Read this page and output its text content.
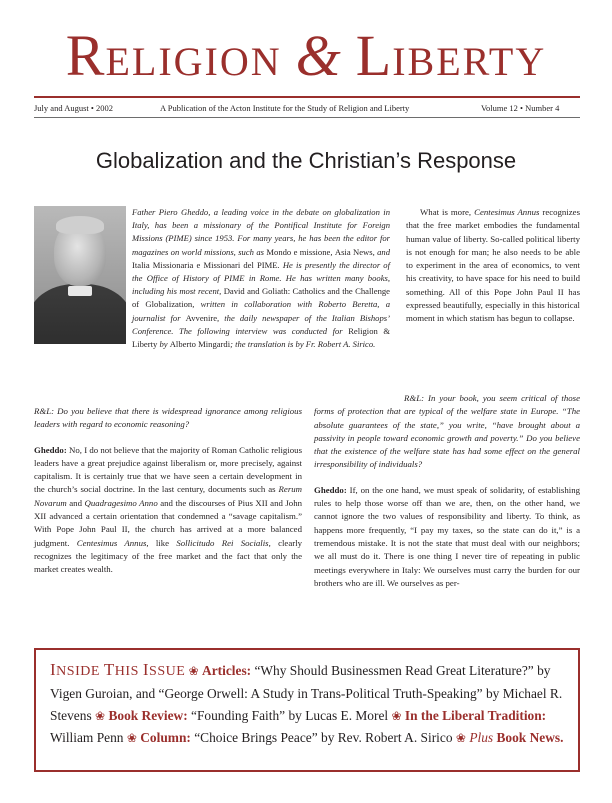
RELIGION & LIBERTY
July and August • 2002	A Publication of the Acton Institute for the Study of Religion and Liberty	Volume 12 • Number 4
Globalization and the Christian’s Response

Father Piero Gheddo, a leading voice in the debate on globalization in Italy, has been a missionary of the Pontifical Institute for Foreign Missions (PIME) since 1953. For many years, he has been the editor for magazines on world missions, such as Mondo e missione, Asia News, and Italia Missionaria e Missionari del PIME. He is presently the director of the Office of History of PIME in Rome. He has written many books, including his most recent, David and Goliath: Catholics and the Challenge of Globalization, written in collaboration with Roberto Beretta, a journalist for Avvenire, the daily newspaper of the Italian Bishops’ Conference. The following interview was conducted for Religion & Liberty by Alberto Mingardi; the translation is by Fr. Robert A. Sirico.

R&L: Do you believe that there is widespread ignorance among religious leaders with regard to economic reasoning?

Gheddo: No, I do not believe that the majority of Roman Catholic religious leaders have a great prejudice against liberalism or, more precisely, against capitalism. It is certainly true that we have seen a certain development in the church’s social doctrine. In the last century, documents such as Rerum Novarum and Quadragesimo Anno and the discourses of Pius XII and John XII advanced a certain orientation that condemned a “savage capitalism.” With Pope John Paul II, the church has arrived at a more balanced judgment. Centesimus Annus, like Sollicitudo Rei Socialis, clearly recognizes the legitimacy of the free market and the fact that only the market creates wealth.

What is more, Centesimus Annus recognizes that the free market embodies the fundamental human value of liberty. So-called political liberty is not enough for man; he also needs to be able to experiment in the area of economics, to vent his creativity, to have space for his need to build something. All of this Pope John Paul II has expressed beautifully, especially in this historical moment in which statism has begun to collapse.

R&L: In your book, you seem critical of those forms of protection that are typical of the welfare state in Europe. “The absolute guarantees of the state,” you write, “have brought about a passivity in people toward economic growth and poverty.” Do you believe that the existence of the welfare state has had some effect on the general irresponsibility of individuals?

Gheddo: If, on the one hand, we must speak of solidarity, of establishing rules to help those worse off than we are, then, on the other hand, we cannot ignore the two values of responsibility and liberty. To think, as happens more frequently, “I pay my taxes, so the state can do it,” is a tremendous mistake. It is not the state that must deal with our neighbors; we all must do it. There is one thing I never tire of repeating in public meetings everywhere in Italy: We ourselves must carry the burden for our brothers who are ill. We ourselves as per-

INSIDE THIS ISSUE ❀ Articles: “Why Should Businessmen Read Great Literature?” by Vigen Guroian, and “George Orwell: A Study in Trans-Political Truth-Speaking” by Michael R. Stevens ❀ Book Review: “Founding Faith” by Lucas E. Morel ❀ In the Liberal Tradition: William Penn ❀ Column: “Choice Brings Peace” by Rev. Robert A. Sirico ❀ Plus Book News.
